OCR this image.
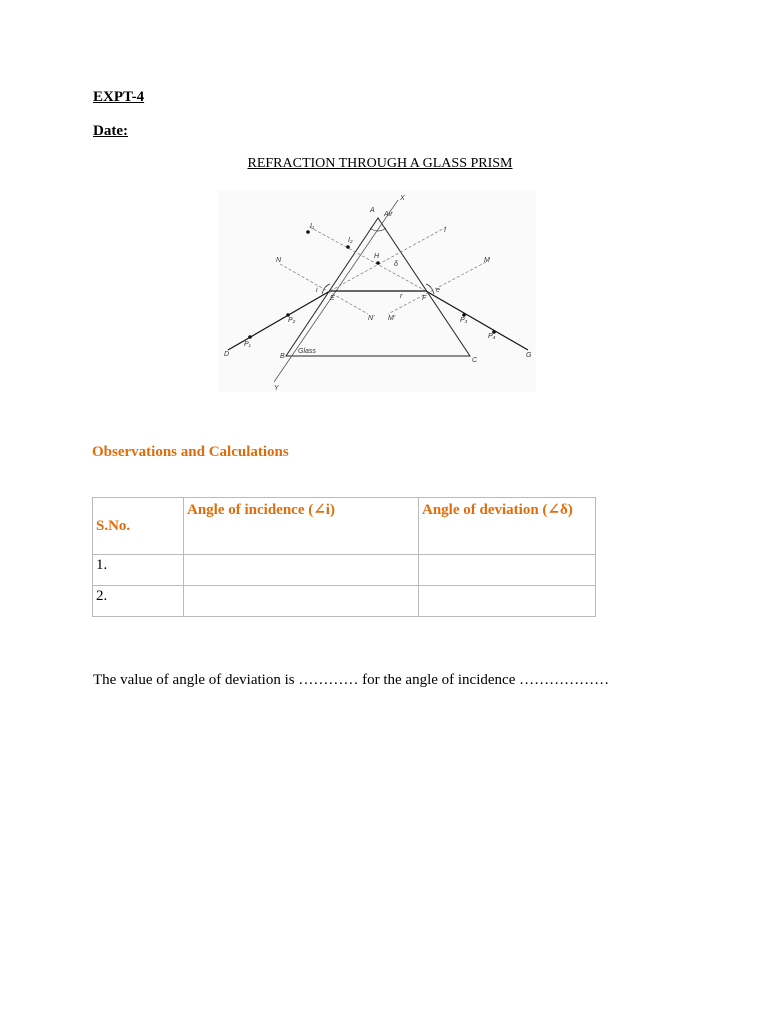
EXPT-4
Date:
REFRACTION THROUGH A GLASS PRISM
A
X
Air
I₁
I₂
I
N
H
δ
M
i
E	r	F
e
P₁
P₂	P₃
P₄
N' M'
D	B
Glass
C
G
Y
Observations and Calculations
S.No.	Angle of incidence (∠i)	Angle of deviation (∠δ)
1.		
2.		
The value of angle of deviation is ………… for the angle of incidence ………………
